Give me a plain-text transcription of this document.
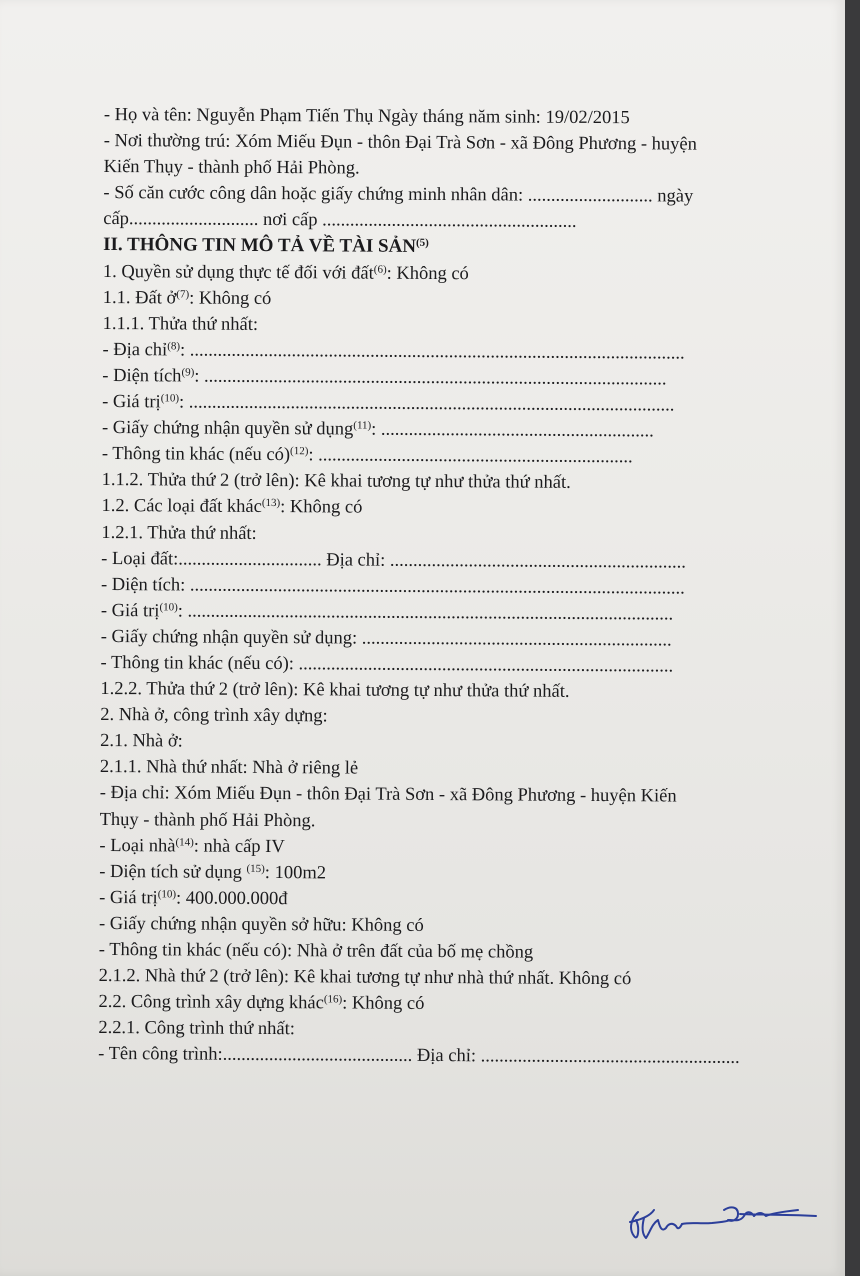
- Họ và tên: Nguyễn Phạm Tiến Thụ Ngày tháng năm sinh: 19/02/2015
- Nơi thường trú: Xóm Miếu Đụn - thôn Đại Trà Sơn - xã Đông Phương - huyện
Kiến Thụy - thành phố Hải Phòng.
- Số căn cước công dân hoặc giấy chứng minh nhân dân: ........................... ngày
cấp............................ nơi cấp .......................................................
II. THÔNG TIN MÔ TẢ VỀ TÀI SẢN$^{(5)}$
1. Quyền sử dụng thực tế đối với đất$^{(6)}$: Không có
1.1. Đất ở$^{(7)}$: Không có
1.1.1. Thửa thứ nhất:
- Địa chỉ$^{(8)}$: ...........................................................................................................
- Diện tích$^{(9)}$: ....................................................................................................
- Giá trị$^{(10)}$: .........................................................................................................
- Giấy chứng nhận quyền sử dụng$^{(11)}$: ...........................................................
- Thông tin khác (nếu có)$^{(12)}$: ....................................................................
1.1.2. Thửa thứ 2 (trở lên): Kê khai tương tự như thửa thứ nhất.
1.2. Các loại đất khác$^{(13)}$: Không có
1.2.1. Thửa thứ nhất:
- Loại đất:............................... Địa chỉ: ................................................................
- Diện tích: ...........................................................................................................
- Giá trị$^{(10)}$: .........................................................................................................
- Giấy chứng nhận quyền sử dụng: ...................................................................
- Thông tin khác (nếu có): .................................................................................
1.2.2. Thửa thứ 2 (trở lên): Kê khai tương tự như thửa thứ nhất.
2. Nhà ở, công trình xây dựng:
2.1. Nhà ở:
2.1.1. Nhà thứ nhất: Nhà ở riêng lẻ
- Địa chỉ: Xóm Miếu Đụn - thôn Đại Trà Sơn - xã Đông Phương - huyện Kiến
Thụy - thành phố Hải Phòng.
- Loại nhà$^{(14)}$: nhà cấp IV
- Diện tích sử dụng $^{(15)}$: 100m2
- Giá trị$^{(10)}$: 400.000.000đ
- Giấy chứng nhận quyền sở hữu: Không có
- Thông tin khác (nếu có): Nhà ở trên đất của bố mẹ chồng
2.1.2. Nhà thứ 2 (trở lên): Kê khai tương tự như nhà thứ nhất. Không có
2.2. Công trình xây dựng khác$^{(16)}$: Không có
2.2.1. Công trình thứ nhất:
- Tên công trình:......................................... Địa chỉ: ........................................................
